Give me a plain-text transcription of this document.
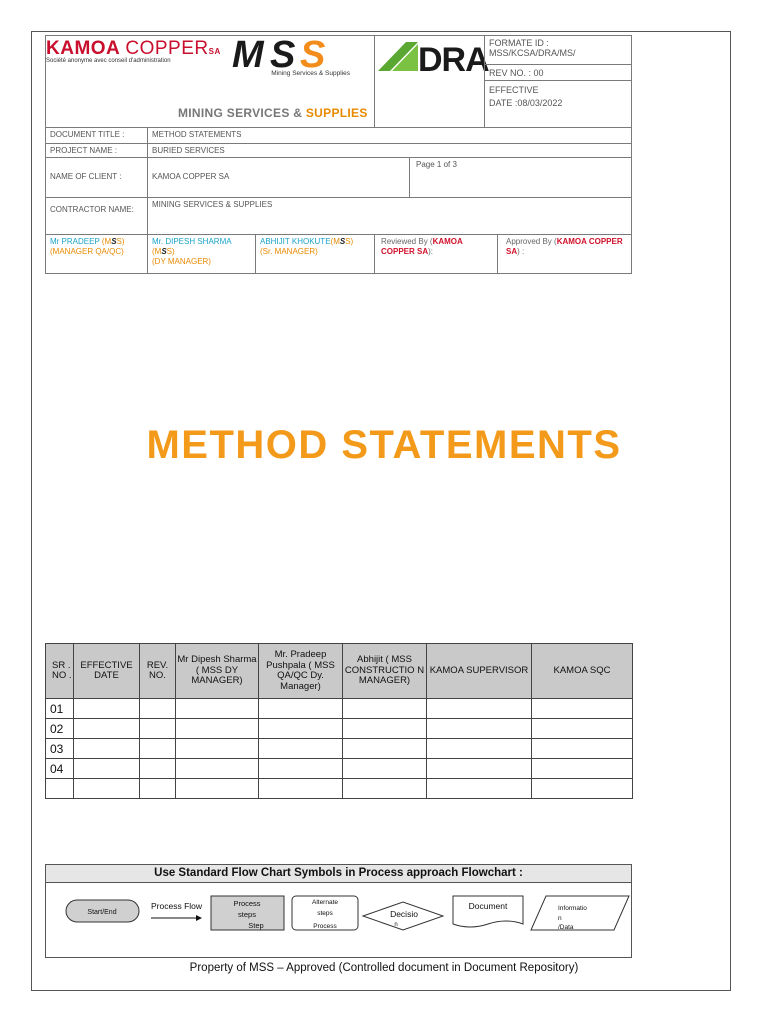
KAMOA COPPERSA
Société anonyme avec conseil d'administration	M S S
Mining Services & Supplies
MINING SERVICES & SUPPLIES
DRA FORMATE ID :
MSS/KCSA/DRA/MS/
REV NO. : 00
EFFECTIVE
DATE :08/03/2022
DOCUMENT TITLE :	METHOD STATEMENTS
PROJECT NAME :	BURIED SERVICES
NAME OF CLIENT :	KAMOA COPPER SA
Page 1 of 3
CONTRACTOR NAME:
MINING SERVICES & SUPPLIES
Mr PRADEEP (MSS)
(MANAGER QA/QC)
Mr. DIPESH SHARMA (MSS)
(DY MANAGER)
ABHIJIT KHOKUTE(MSS)
(Sr. MANAGER)
Reviewed By (KAMOA COPPER SA):
Approved By (KAMOA COPPER SA) :
METHOD STATEMENTS
SR . NO .	EFFECTIVE DATE	REV. NO.	Mr Dipesh Sharma ( MSS DY MANAGER)	Mr. Pradeep Pushpala ( MSS QA/QC Dy. Manager)	Abhijit ( MSS CONSTRUCTIO N MANAGER)	KAMOA SUPERVISOR	KAMOA SQC
01							
02							
03							
04							

Use Standard Flow Chart Symbols in Process approach Flowchart :
Start/End
Process Flow	Process
steps
Step
Alternate
steps
Process
Decisio
n
Document	Informatio
n
/Data
Property of MSS – Approved (Controlled document in Document Repository)
